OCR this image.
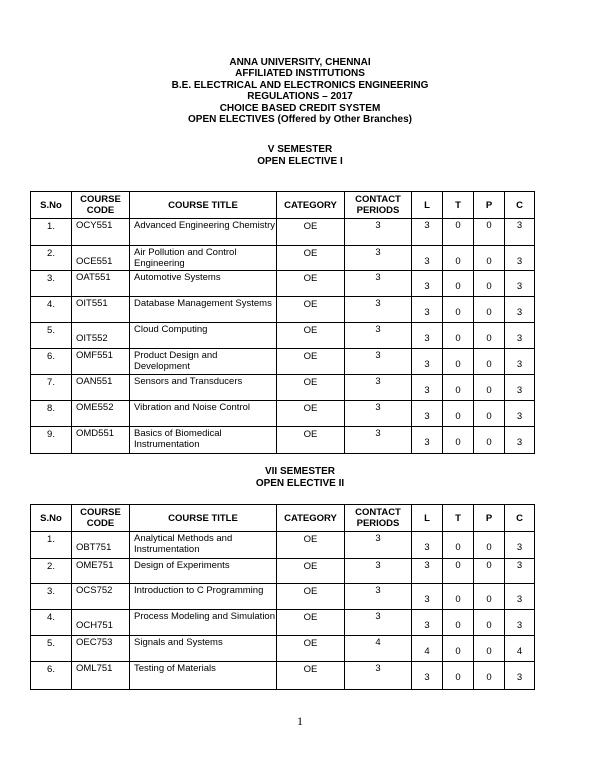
ANNA UNIVERSITY, CHENNAI
AFFILIATED INSTITUTIONS
B.E. ELECTRICAL AND ELECTRONICS ENGINEERING
REGULATIONS – 2017
CHOICE BASED CREDIT SYSTEM
OPEN ELECTIVES (Offered by Other Branches)
V SEMESTER
OPEN ELECTIVE I
S.No	COURSE CODE	COURSE TITLE	CATEGORY	CONTACT PERIODS	L	T	P	C

1.	OCY551	Advanced Engineering Chemistry	OE	3	3	0	0	3

2.	OCE551	Air Pollution and Control Engineering	OE	3	3	0	0	3

3.	OAT551	Automotive Systems	OE	3	3	0	0	3

4.	OIT551	Database Management Systems	OE	3	3	0	0	3

5.	OIT552	Cloud Computing	OE	3	3	0	0	3

6.	OMF551	Product Design and Development	OE	3	3	0	0	3

7.	OAN551	Sensors and Transducers	OE	3	3	0	0	3

8.	OME552	Vibration and Noise Control	OE	3	3	0	0	3

9.	OMD551	Basics of Biomedical Instrumentation	OE	3	3	0	0	3
VII SEMESTER
OPEN ELECTIVE II
S.No	COURSE CODE	COURSE TITLE	CATEGORY	CONTACT PERIODS	L	T	P	C

1.	OBT751	Analytical Methods and Instrumentation	OE	3	3	0	0	3

2.	OME751	Design of Experiments	OE	3	3	0	0	3

3.	OCS752	Introduction to C Programming	OE	3	3	0	0	3

4.	OCH751	Process Modeling and Simulation	OE	3	3	0	0	3

5.	OEC753	Signals and Systems	OE	4	4	0	0	4

6.	OML751	Testing of Materials	OE	3	3	0	0	3
1
